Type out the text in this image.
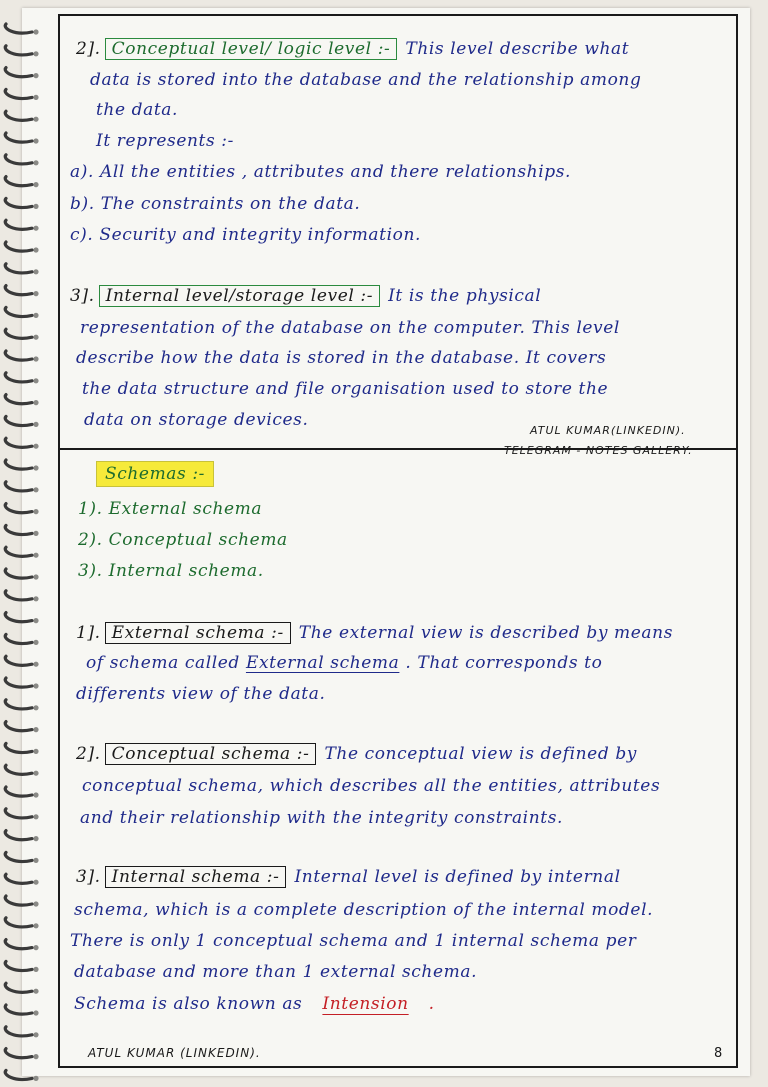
2]. Conceptual level/ logic level :- This level describe what
data is stored into the database and the relationship among
the data.
It represents :-
a). All the entities , attributes and there relationships.
b). The constraints on the data.
c). Security and integrity information.
3]. Internal level/storage level :- It is the physical
representation of the database on the computer. This level
describe how the data is stored in the database. It covers
the data structure and file organisation used to store the
data on storage devices.
ATUL KUMAR(LINKEDIN).
TELEGRAM - NOTES GALLERY.
Schemas :-
1). External schema
2). Conceptual schema
3). Internal schema.
1]. External schema :- The external view is described by means
of schema called External schema . That corresponds to
differents view of the data.
2]. Conceptual schema :- The conceptual view is defined by
conceptual schema, which describes all the entities, attributes
and their relationship with the integrity constraints.
3]. Internal schema :- Internal level is defined by internal
schema, which is a complete description of the internal model.
There is only 1 conceptual schema and 1 internal schema per
database and more than 1 external schema.
Schema is also known as Intension .
ATUL KUMAR (LINKEDIN).	8
